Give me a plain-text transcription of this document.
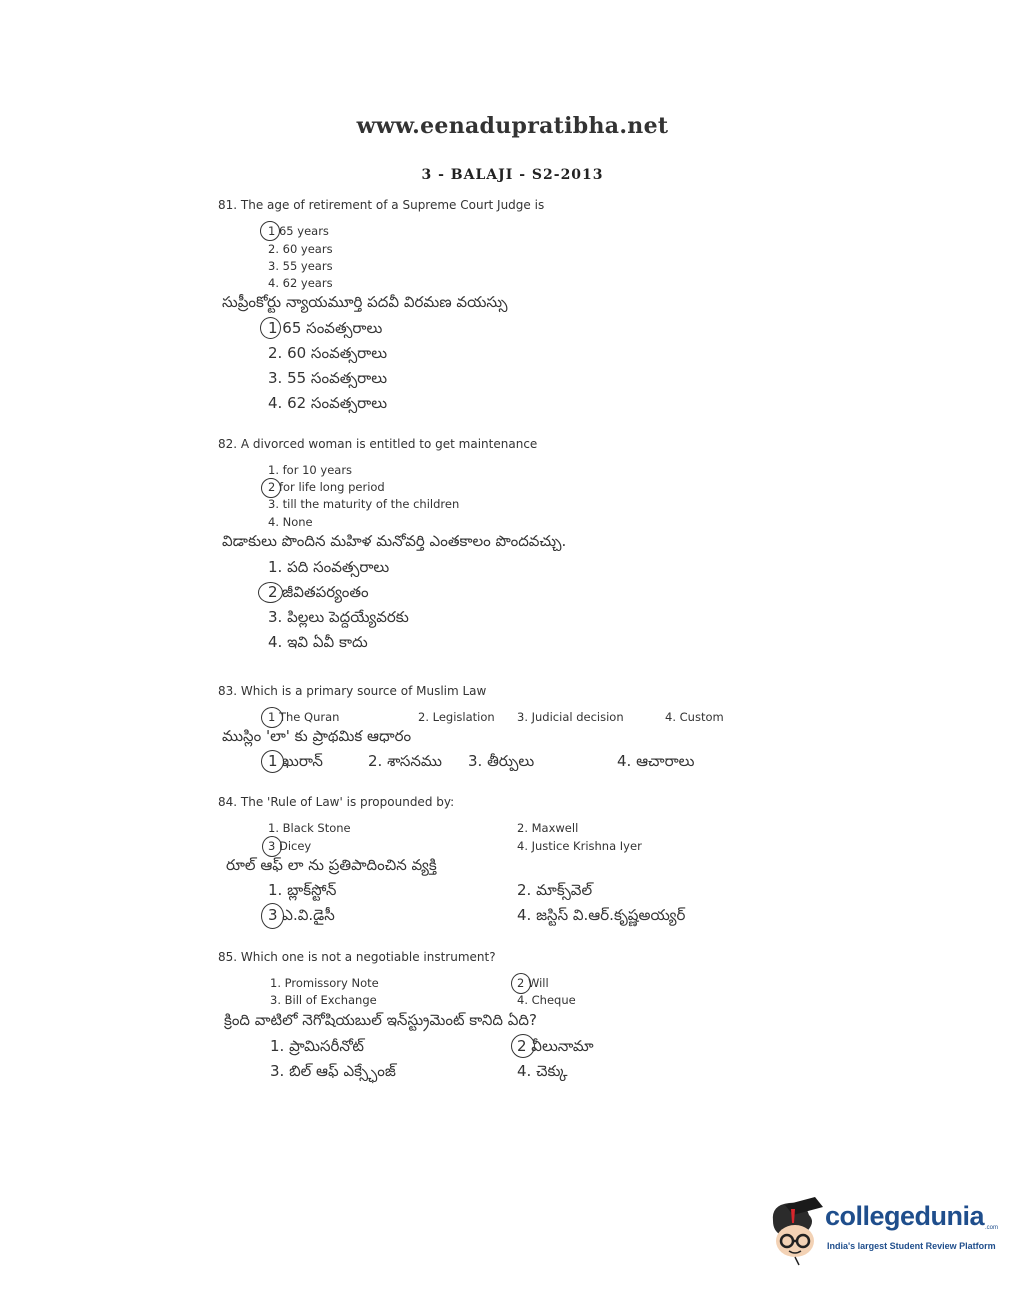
www.eenadupratibha.net
3 - BALAJI - S2-2013
81. The age of retirement of a Supreme Court Judge is
1 65 years
2. 60 years
3. 55 years
4. 62 years
సుప్రీంకోర్టు న్యాయమూర్తి పదవీ విరమణ వయస్సు
1 65 సంవత్సరాలు
2. 60 సంవత్సరాలు
3. 55 సంవత్సరాలు
4. 62 సంవత్సరాలు
82. A divorced woman is entitled to get maintenance
1. for 10 years
2 for life long period
3. till the maturity of the children
4. None
విడాకులు పొందిన మహిళ మనోవర్తి ఎంతకాలం పొందవచ్చు.
1. పది సంవత్సరాలు
2 జీవితపర్యంతం
3. పిల్లలు పెద్దయ్యేవరకు
4. ఇవి ఏవీ కాదు
83. Which is a primary source of Muslim Law
1 The Quran	2. Legislation 3. Judicial decision	4. Custom
ముస్లిం 'లా' కు ప్రాథమిక ఆధారం
1 ఖురాన్	2. శాసనము 3. తీర్పులు	4. ఆచారాలు
84. The 'Rule of Law' is propounded by:
1. Black Stone	2. Maxwell
3 Dicey	4. Justice Krishna Iyer
రూల్ ఆఫ్ లా ను ప్రతిపాదించిన వ్యక్తి
1. బ్లాక్‌స్టోన్	2. మాక్స్‌వెల్
3 ఎ.వి.డైసీ	4. జస్టిస్ వి.ఆర్.కృష్ణఅయ్యర్
85. Which one is not a negotiable instrument?
1. Promissory Note	2 Will
3. Bill of Exchange	4. Cheque
క్రింది వాటిలో నెగోషియబుల్ ఇన్‌స్ట్రుమెంట్ కానిది ఏది?
1. ప్రామిసరీనోట్	2 వీలునామా
3. బిల్ ఆఫ్ ఎక్స్ఛేంజ్	4. చెక్కు
collegedunia .com
India's largest Student Review Platform
